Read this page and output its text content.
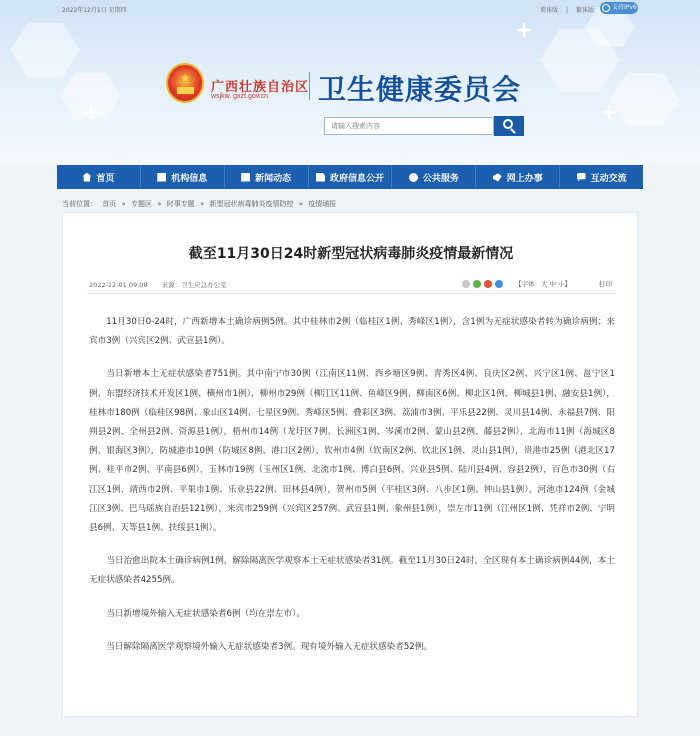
+
+
+
2022年12月1日 星期四	简体版 | 繁体版	支持IPv6
★
广西壮族自治区
wsjkw. gxzf.gov.cn 卫生健康委员会
请输入搜索内容
首页	机构信息	新闻动态	政府信息公开	公共服务	网上办事	互动交流
当前位置： 首页 » 专题区 » 时事专题 » 新型冠状病毒肺炎疫情防控 » 疫情通报
截至11月30日24时新型冠状病毒肺炎疫情最新情况
2022-12-01 09:08 来源：卫生应急办公室	【字体：大 中 小】	打印

11月30日0-24时，广西新增本土确诊病例5例。其中桂林市2例（临桂区1例、秀峰区1例），含1例为无症状感染者转为确诊病例；来宾市3例（兴宾区2例、武宣县1例）。

当日新增本土无症状感染者751例。其中南宁市30例（江南区11例、西乡塘区9例、青秀区4例、良庆区2例、兴宁区1例、邕宁区1例、东盟经济技术开发区1例、横州市1例），柳州市29例（柳江区11例、鱼峰区9例、柳南区6例、柳北区1例、柳城县1例、融安县1例），桂林市180例（临桂区98例、象山区14例、七星区9例、秀峰区5例、叠彩区3例、荔浦市3例、平乐县22例、灵川县14例、永福县7例、阳朔县2例、全州县2例、资源县1例），梧州市14例（龙圩区7例、长洲区1例、岑溪市2例、蒙山县2例、藤县2例），北海市11例（海城区8例、银海区3例），防城港市10例（防城区8例、港口区2例），钦州市4例（钦南区2例、钦北区1例、灵山县1例），贵港市25例（港北区17例、桂平市2例、平南县6例），玉林市19例（玉州区1例、北流市1例、博白县6例、兴业县5例、陆川县4例、容县2例），百色市30例（右江区1例、靖西市2例、平果市1例、乐业县22例、田林县4例），贺州市5例（平桂区3例、八步区1例、钟山县1例），河池市124例（金城江区3例、巴马瑶族自治县121例），来宾市259例（兴宾区257例、武宣县1例、象州县1例），崇左市11例（江州区1例、凭祥市2例、宁明县6例、天等县1例、扶绥县1例）。

当日治愈出院本土确诊病例1例，解除隔离医学观察本土无症状感染者31例。截至11月30日24时，全区现有本土确诊病例44例，本土无症状感染者4255例。

当日新增境外输入无症状感染者6例（均在崇左市）。

当日解除隔离医学观察境外输入无症状感染者3例。现有境外输入无症状感染者52例。
